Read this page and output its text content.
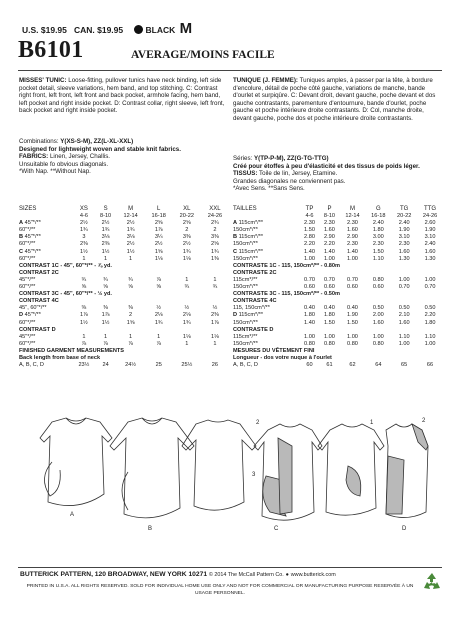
U.S. $19.95 CAN. $19.95	BLACK M
B6101	AVERAGE/MOINS FACILE

MISSES' TUNIC: Loose-fitting, pullover tunics have neck binding, left side pocket detail, sleeve variations, hem band, and top stitching. C: Contrast right front, left front, left front and back pocket, armhole facing, hem band, left pocket and right inside pocket. D: Contrast collar, right sleeve, left front, back pocket and right inside pocket.

Combinations: Y(XS-S-M), ZZ(L-XL-XXL)

Designed for lightweight woven and stable knit fabrics.

FABRICS: Linen, Jersey, Challis.

Unsuitable fo obvious diagonals.

*With Nap. **Without Nap.

TUNIQUE (J. FEMME): Tuniques amples, à passer par la tête, à bordure d'encolure, détail de poche côté gauche, variations de manche, bande d'ourlet et surpiqûre. C: Devant droit, devant gauche, poche devant et dos gauche contrastants, parementure d'entournure, bande d'ourlet, poche gauche et poche intérieure droite contrastants. D: Col, manche droite, devant gauche, poche dos et poche intérieure droite contrastants.

Séries: Y(TP-P-M), ZZ(G-TG-TTG)

Créé pour étoffes à peu d'élasticité et des tissus de poids léger.

TISSUS: Toile de lin, Jersey, Etamine.

Grandes diagonales ne conviennent pas.

*Avec Sens. **Sans Sens.

SIZES		XS	S	M	L	XL	XXL
		4-6	8-10	12-14	16-18	20-22	24-26
A 45"*/**	2½	2½	2½	2⅝	2⅝	2¾
60"*/**	1¾	1¾	1¾	1⅞	2	2
B 45"*/**	3	3⅛	3⅛	3¼	3⅜	3⅜
60"*/**	2⅜	2⅜	2½	2½	2½	2⅝
C 45"*/**	1½	1½	1½	1⅝	1¾	1¾
60"*/**	1	1	1	1⅛	1⅛	1⅜
CONTRAST 1C - 45", 60"*/** - ⅞ yd.						
CONTRAST 2C						
45"*/**	¾	¾	¾	⅞	1	1
60"*/**	⅝	⅝	⅝	⅝	¾	¾
CONTRAST 3C - 45", 60"*/** - ½ yd.						
CONTRAST 4C						
45", 60"*/**	⅜	⅜	⅜	½	½	½
D 45"*/**	1⅞	1⅞	2	2⅛	2⅛	2⅜
60"*/**	1½	1½	1⅝	1¾	1¾	1⅞
CONTRAST D						
45"*/**	1	1	1	1	1⅛	1⅛
60"*/**	⅞	⅞	⅞	⅞	1	1
FINISHED GARMENT MEASUREMENTS						
Back length from base of neck						
A, B, C, D	23½	24	24½	25	25½	26
TAILLES		TP	P	M	G	TG	TTG
		4-6	8-10	12-14	16-18	20-22	24-26
A 115cm*/**	2.30	2.30	2.30	2.40	2.40	2.60
150cm*/**	1.50	1.60	1.60	1.80	1.90	1.90
B 115cm*/**	2.80	2.90	2.90	3.00	3.10	3.10
150cm*/**	2.20	2.20	2.30	2.30	2.30	2.40
C 115cm*/**	1.40	1.40	1.40	1.50	1.60	1.60
150cm*/**	1.00	1.00	1.00	1.10	1.30	1.30
CONTRASTE 1C - 115, 150cm*/** - 0.80m						
CONTRASTE 2C						
115cm*/**	0.70	0.70	0.70	0.80	1.00	1.00
150cm*/**	0.60	0.60	0.60	0.60	0.70	0.70
CONTRASTE 3C - 115, 150cm*/** - 0.50m						
CONTRASTE 4C						
115, 150cm*/**	0.40	0.40	0.40	0.50	0.50	0.50
D 115cm*/**	1.80	1.80	1.90	2.00	2.10	2.20
150cm*/**	1.40	1.50	1.50	1.60	1.60	1.80
CONTRASTE D						
115cm*/**	1.00	1.00	1.00	1.00	1.10	1.10
150cm*/**	0.80	0.80	0.80	0.80	1.00	1.00
MESURES DU VÊTEMENT FINI						
Longueur - dos votre nuque à l'ourlet						
A, B, C, D	60	61	62	64	65	66
A
B	C	D
2
3
1	2
BUTTERICK PATTERN, 120 BROADWAY, NEW YORK 10271 © 2014 The McCall Pattern Co. ● www.butterick.com
PRINTED IN U.S.A. ALL RIGHTS RESERVED. SOLD FOR INDIVIDUAL HOME USE ONLY AND NOT FOR COMMERCIAL OR MANUFACTURING PURPOSE RESERVÉE À UN USAGE PERSONNEL.
